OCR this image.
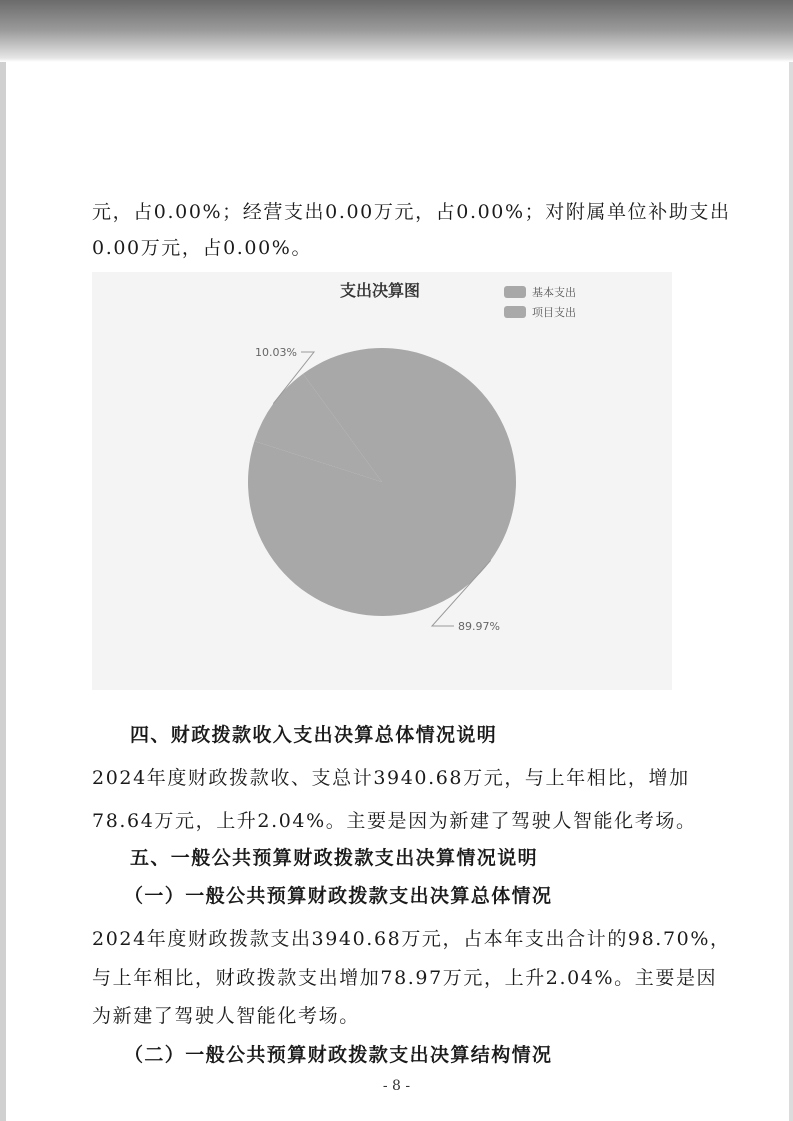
元，占0.00%；经营支出0.00万元，占0.00%；对附属单位补助支出
0.00万元，占0.00%。
支出决算图	基本支出
项目支出
89.97%
10.03%
四、财政拨款收入支出决算总体情况说明
2024年度财政拨款收、支总计3940.68万元，与上年相比，增加
78.64万元，上升2.04%。主要是因为新建了驾驶人智能化考场。
五、一般公共预算财政拨款支出决算情况说明
（一）一般公共预算财政拨款支出决算总体情况
2024年度财政拨款支出3940.68万元，占本年支出合计的98.70%，
与上年相比，财政拨款支出增加78.97万元，上升2.04%。主要是因
为新建了驾驶人智能化考场。
（二）一般公共预算财政拨款支出决算结构情况
- 8 -
